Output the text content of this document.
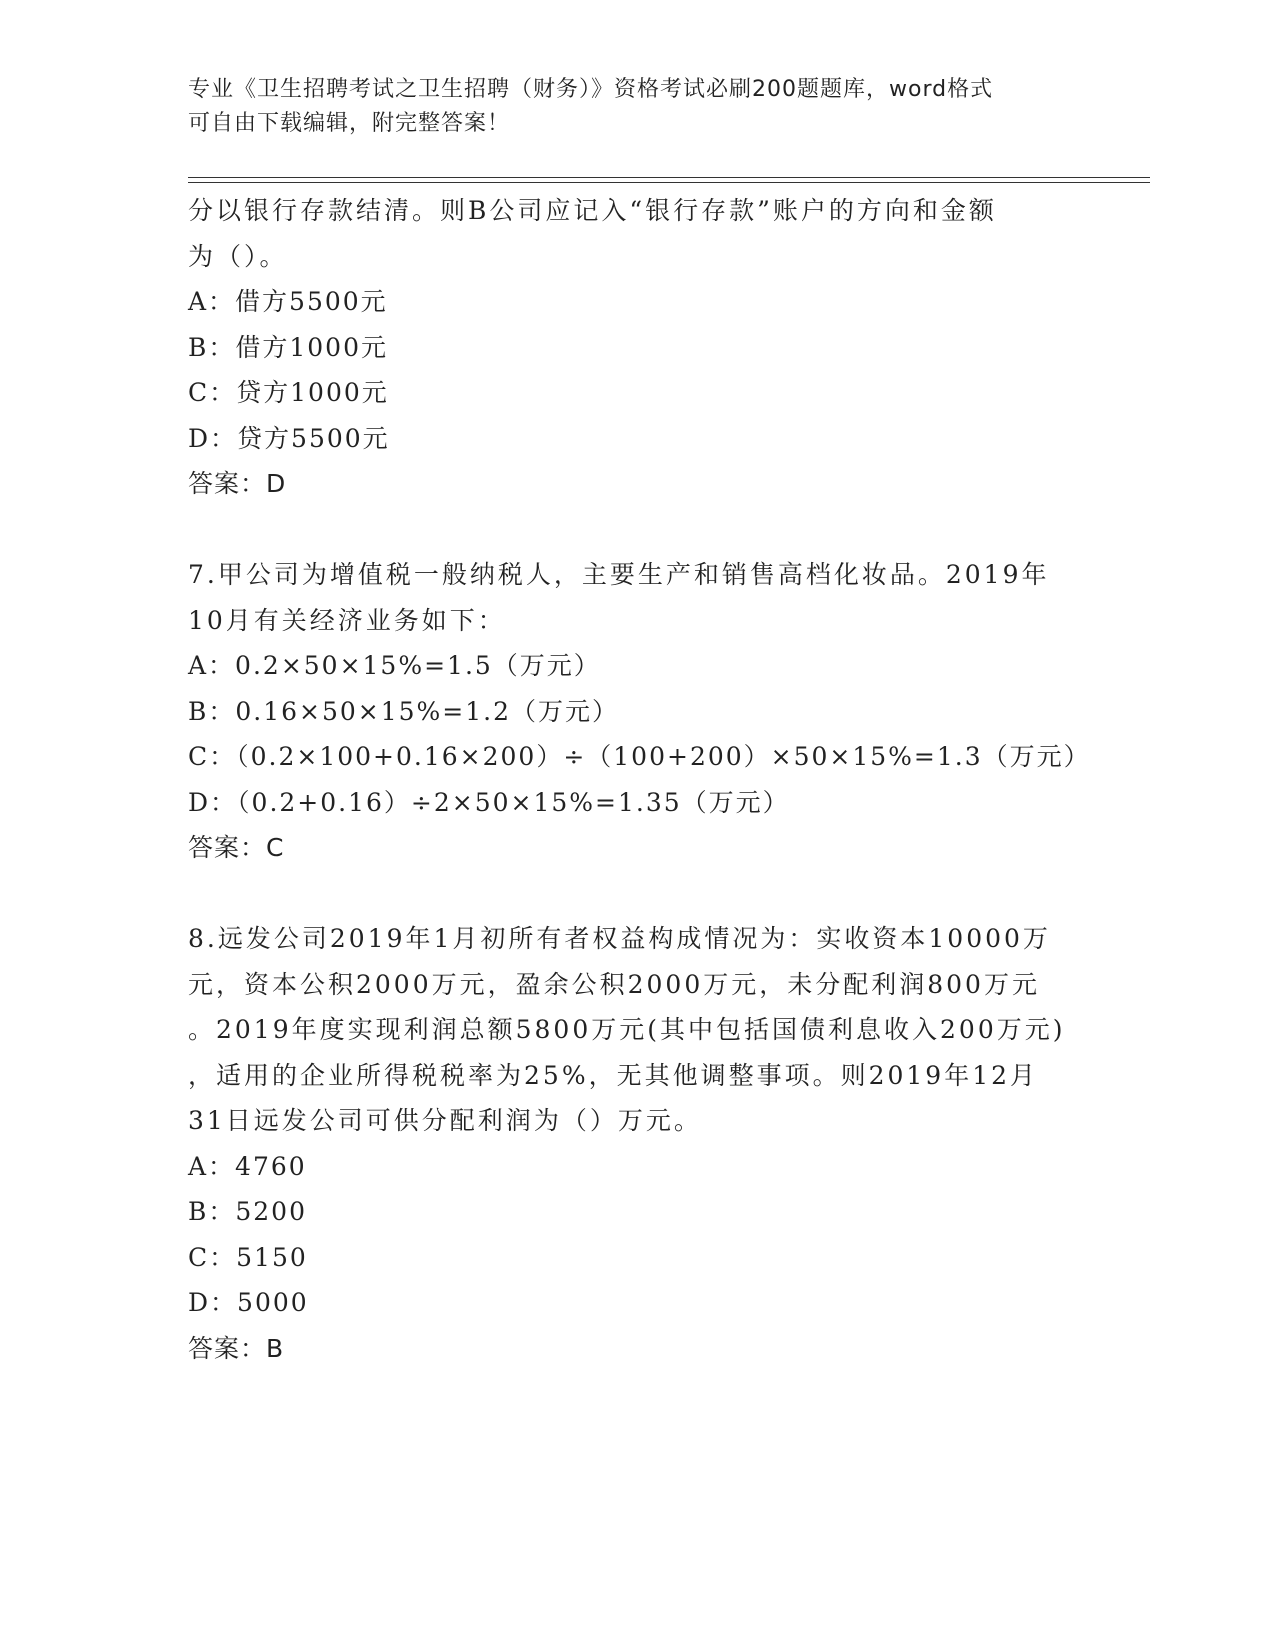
专业《卫生招聘考试之卫生招聘（财务）》资格考试必刷200题题库，word格式
可自由下载编辑，附完整答案！
分以银行存款结清。则B公司应记入“银行存款”账户的方向和金额
为（）。
A：借方5500元
B：借方1000元
C：贷方1000元
D：贷方5500元
答案：D
7.甲公司为增值税一般纳税人，主要生产和销售高档化妆品。2019年
10月有关经济业务如下：
A：0.2×50×15%=1.5（万元）
B：0.16×50×15%=1.2（万元）
C：（0.2×100+0.16×200）÷（100+200）×50×15%=1.3（万元）
D：（0.2+0.16）÷2×50×15%=1.35（万元）
答案：C
8.远发公司2019年1月初所有者权益构成情况为：实收资本10000万
元，资本公积2000万元，盈余公积2000万元，未分配利润800万元
。2019年度实现利润总额5800万元(其中包括国债利息收入200万元)
，适用的企业所得税税率为25%，无其他调整事项。则2019年12月
31日远发公司可供分配利润为（）万元。
A：4760
B：5200
C：5150
D：5000
答案：B
